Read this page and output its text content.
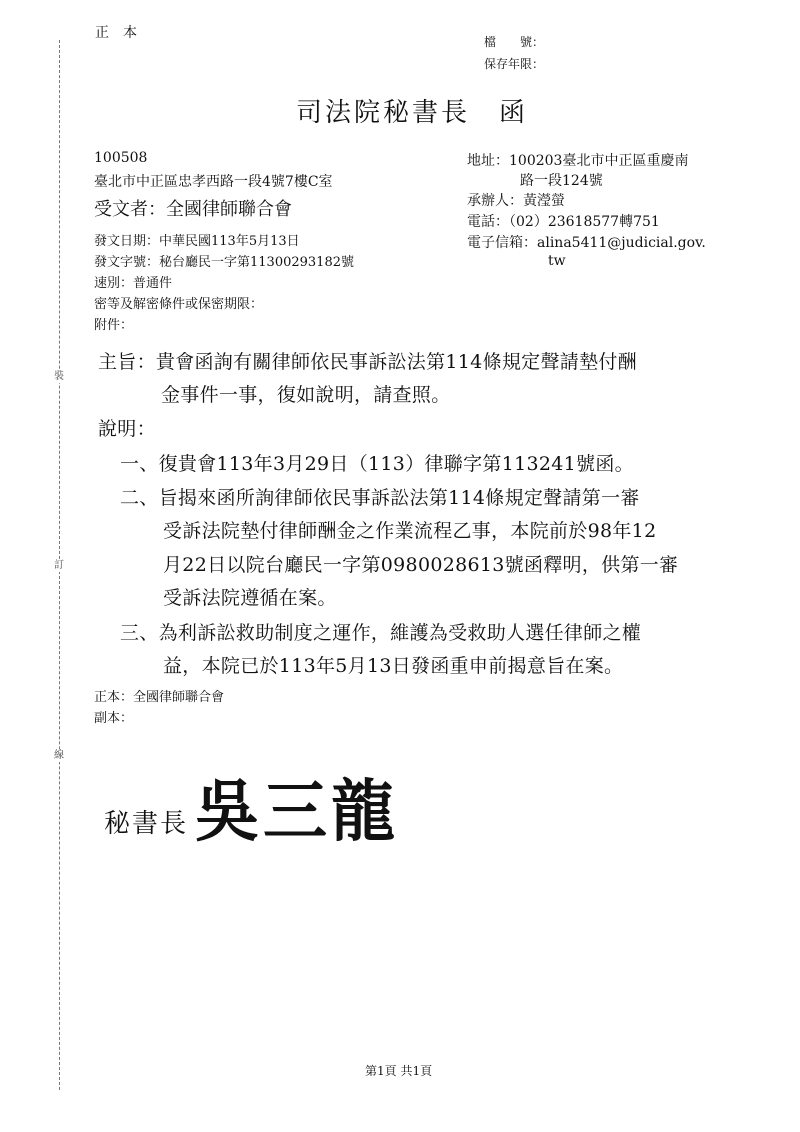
裝
訂
線
正　本
檔　　號：
保存年限：
司法院秘書長　函
100508
臺北市中正區忠孝西路一段4號7樓C室
受文者：全國律師聯合會
地址：100203臺北市中正區重慶南
路一段124號
承辦人：黃瀅螢
電話：（02）23618577轉751
電子信箱：alina5411@judicial.gov.
tw
發文日期：中華民國113年5月13日
發文字號：秘台廳民一字第11300293182號
速別：普通件
密等及解密條件或保密期限：
附件：
主旨：貴會函詢有關律師依民事訴訟法第114條規定聲請墊付酬
金事件一事，復如說明，請查照。
說明：
一、復貴會113年3月29日（113）律聯字第113241號函。
二、旨揭來函所詢律師依民事訴訟法第114條規定聲請第一審
受訴法院墊付律師酬金之作業流程乙事，本院前於98年12
月22日以院台廳民一字第0980028613號函釋明，供第一審
受訴法院遵循在案。
三、為利訴訟救助制度之運作，維護為受救助人選任律師之權
益，本院已於113年5月13日發函重申前揭意旨在案。
正本：全國律師聯合會
副本：
秘書長 吳三龍
第1頁 共1頁
